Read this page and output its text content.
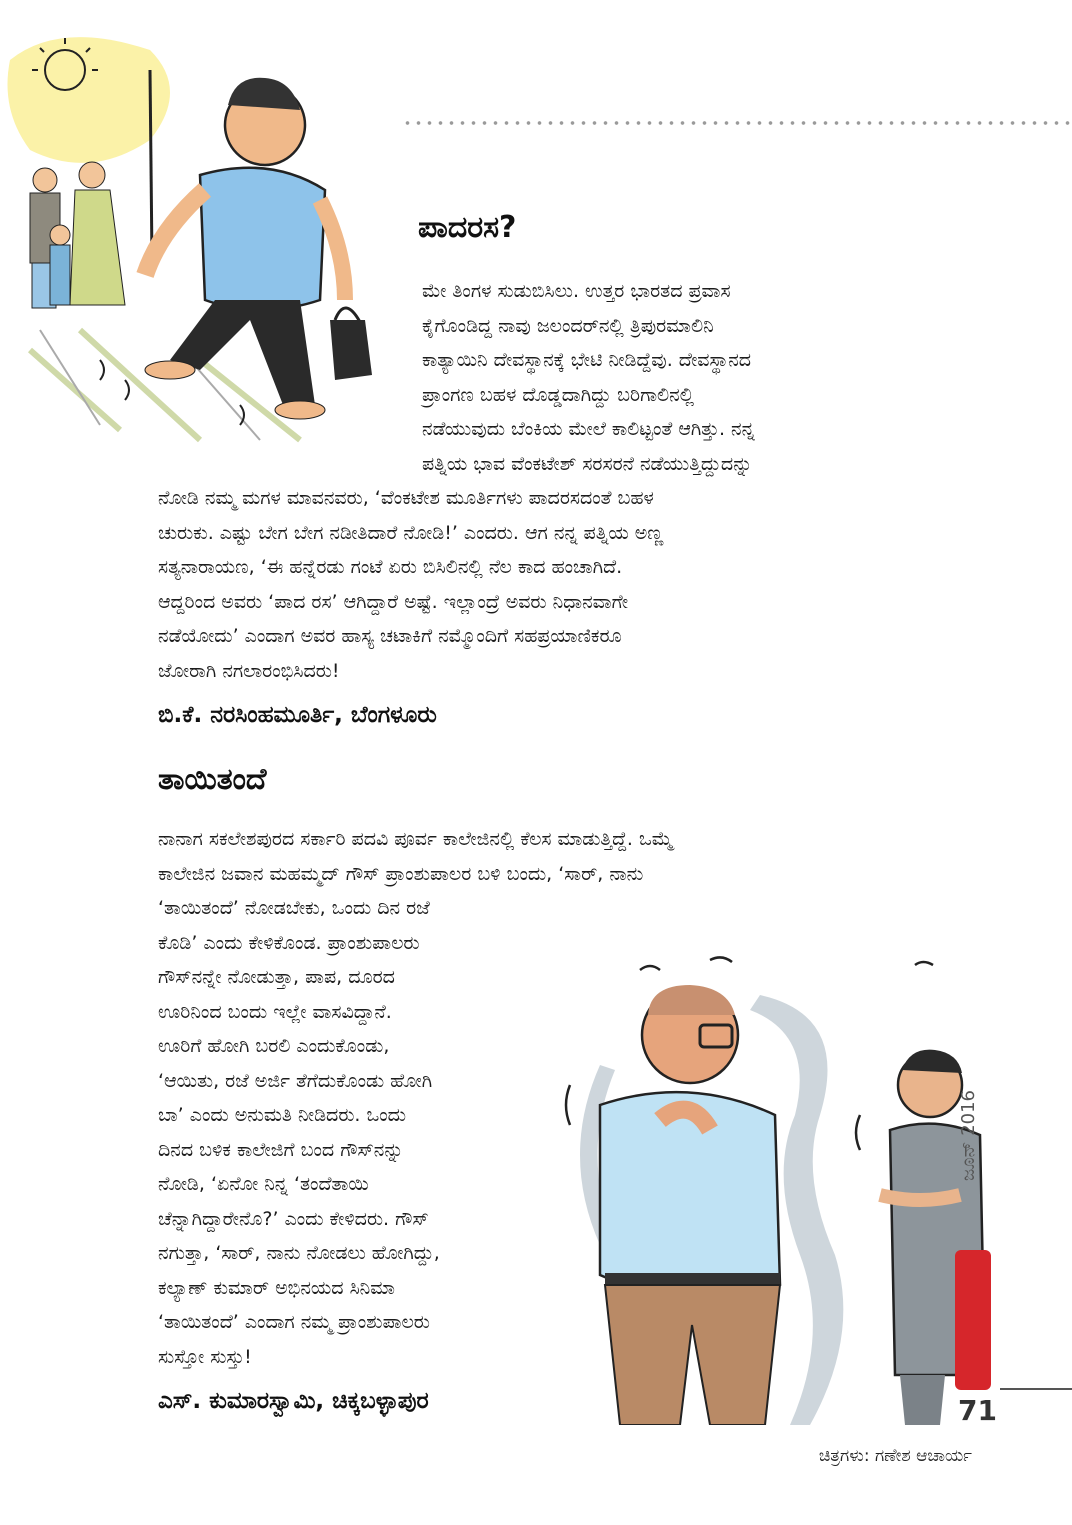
ಪಾದರಸ?
ಮೇ ತಿಂಗಳ ಸುಡುಬಿಸಿಲು. ಉತ್ತರ ಭಾರತದ ಪ್ರವಾಸ
ಕೈಗೊಂಡಿದ್ದ ನಾವು ಜಲಂದರ್‌ನಲ್ಲಿ ತ್ರಿಪುರಮಾಲಿನಿ
ಕಾತ್ಯಾಯಿನಿ ದೇವಸ್ಥಾನಕ್ಕೆ ಭೇಟಿ ನೀಡಿದ್ದೆವು. ದೇವಸ್ಥಾನದ
ಪ್ರಾಂಗಣ ಬಹಳ ದೊಡ್ಡದಾಗಿದ್ದು ಬರಿಗಾಲಿನಲ್ಲಿ
ನಡೆಯುವುದು ಬೆಂಕಿಯ ಮೇಲೆ ಕಾಲಿಟ್ಟಂತೆ ಆಗಿತ್ತು. ನನ್ನ
ಪತ್ನಿಯ ಭಾವ ವೆಂಕಟೇಶ್ ಸರಸರನೆ ನಡೆಯುತ್ತಿದ್ದುದನ್ನು
ನೋಡಿ ನಮ್ಮ ಮಗಳ ಮಾವನವರು, ‘ವೆಂಕಟೇಶ ಮೂರ್ತಿಗಳು ಪಾದರಸದಂತೆ ಬಹಳ
ಚುರುಕು. ಎಷ್ಟು ಬೇಗ ಬೇಗ ನಡೀತಿದಾರೆ ನೋಡಿ!’ ಎಂದರು. ಆಗ ನನ್ನ ಪತ್ನಿಯ ಅಣ್ಣ
ಸತ್ಯನಾರಾಯಣ, ‘ಈ ಹನ್ನೆರಡು ಗಂಟೆ ಏರು ಬಿಸಿಲಿನಲ್ಲಿ ನೆಲ ಕಾದ ಹಂಚಾಗಿದೆ.
ಆದ್ದರಿಂದ ಅವರು ‘ಪಾದ ರಸ’ ಆಗಿದ್ದಾರೆ ಅಷ್ಟೆ. ಇಲ್ಲಾಂದ್ರೆ ಅವರು ನಿಧಾನವಾಗೇ
ನಡೆಯೋದು’ ಎಂದಾಗ ಅವರ ಹಾಸ್ಯ ಚಟಾಕಿಗೆ ನಮ್ಮೊಂದಿಗೆ ಸಹಪ್ರಯಾಣಿಕರೂ
ಜೋರಾಗಿ ನಗಲಾರಂಭಿಸಿದರು!

ಬಿ.ಕೆ. ನರಸಿಂಹಮೂರ್ತಿ, ಬೆಂಗಳೂರು

ತಾಯಿತಂದೆ
ನಾನಾಗ ಸಕಲೇಶಪುರದ ಸರ್ಕಾರಿ ಪದವಿ ಪೂರ್ವ ಕಾಲೇಜಿನಲ್ಲಿ ಕೆಲಸ ಮಾಡುತ್ತಿದ್ದೆ. ಒಮ್ಮೆ
ಕಾಲೇಜಿನ ಜವಾನ ಮಹಮ್ಮದ್ ಗೌಸ್ ಪ್ರಾಂಶುಪಾಲರ ಬಳಿ ಬಂದು, ‘ಸಾರ್, ನಾನು
‘ತಾಯಿತಂದೆ’ ನೋಡಬೇಕು, ಒಂದು ದಿನ ರಜೆ
ಕೊಡಿ’ ಎಂದು ಕೇಳಿಕೊಂಡ. ಪ್ರಾಂಶುಪಾಲರು
ಗೌಸ್‌ನನ್ನೇ ನೋಡುತ್ತಾ, ಪಾಪ, ದೂರದ
ಊರಿನಿಂದ ಬಂದು ಇಲ್ಲೇ ವಾಸವಿದ್ದಾನೆ.
ಊರಿಗೆ ಹೋಗಿ ಬರಲಿ ಎಂದುಕೊಂಡು,
‘ಆಯಿತು, ರಜೆ ಅರ್ಜಿ ತೆಗೆದುಕೊಂಡು ಹೋಗಿ
ಬಾ’ ಎಂದು ಅನುಮತಿ ನೀಡಿದರು. ಒಂದು
ದಿನದ ಬಳಿಕ ಕಾಲೇಜಿಗೆ ಬಂದ ಗೌಸ್‌ನನ್ನು
ನೋಡಿ, ‘ಏನೋ ನಿನ್ನ ‘ತಂದೆತಾಯಿ
ಚೆನ್ನಾಗಿದ್ದಾರೇನೊ?’ ಎಂದು ಕೇಳಿದರು. ಗೌಸ್
ನಗುತ್ತಾ, ‘ಸಾರ್, ನಾನು ನೋಡಲು ಹೋಗಿದ್ದು,
ಕಲ್ಯಾಣ್ ಕುಮಾರ್ ಅಭಿನಯದ ಸಿನಿಮಾ
‘ತಾಯಿತಂದೆ’ ಎಂದಾಗ ನಮ್ಮ ಪ್ರಾಂಶುಪಾಲರು
ಸುಸ್ತೋ ಸುಸ್ತು!

ಎಸ್. ಕುಮಾರಸ್ವಾಮಿ, ಚಿಕ್ಕಬಳ್ಳಾಪುರ

ಜೂನ್ 2016
71
ಚಿತ್ರಗಳು: ಗಣೇಶ ಆಚಾರ್ಯ
